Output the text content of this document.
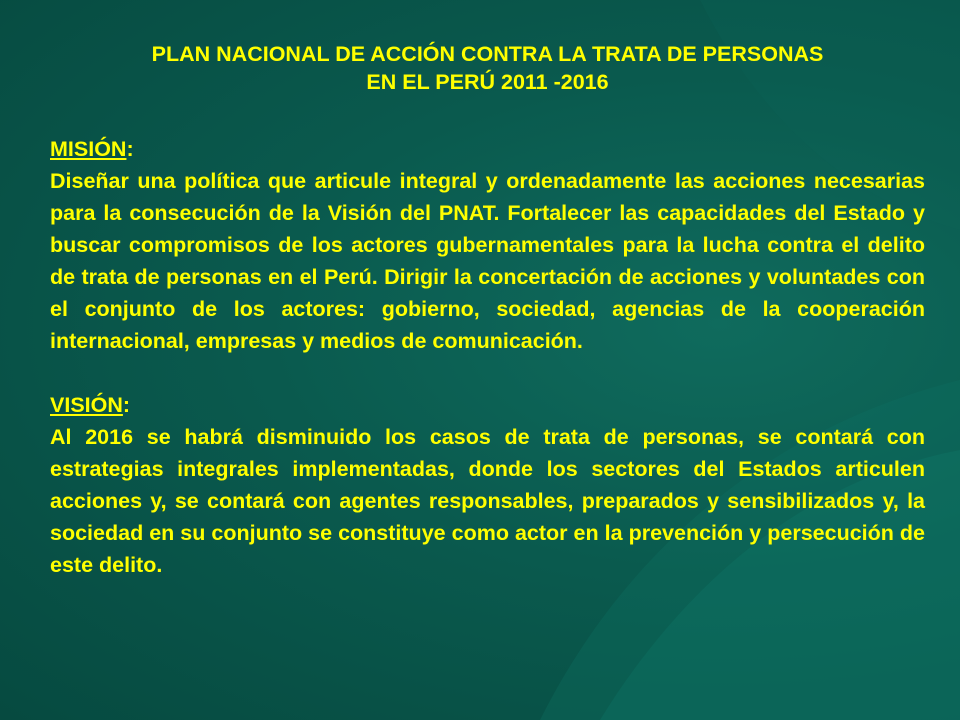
PLAN NACIONAL DE ACCIÓN CONTRA LA TRATA DE PERSONAS
EN EL PERÚ 2011 -2016

MISIÓN:

Diseñar una política que articule integral y ordenadamente las acciones necesarias para la consecución de la Visión del PNAT. Fortalecer las capacidades del Estado y buscar compromisos de los actores gubernamentales para la lucha contra el delito de trata de personas en el Perú. Dirigir la concertación de acciones y voluntades con el conjunto de los actores: gobierno, sociedad, agencias de la cooperación internacional, empresas y medios de comunicación.

VISIÓN:

Al 2016 se habrá disminuido los casos de trata de personas, se contará con estrategias integrales implementadas, donde los sectores del Estados articulen acciones y, se contará con agentes responsables, preparados y sensibilizados y, la sociedad en su conjunto se constituye como actor en la prevención y persecución de este delito.
